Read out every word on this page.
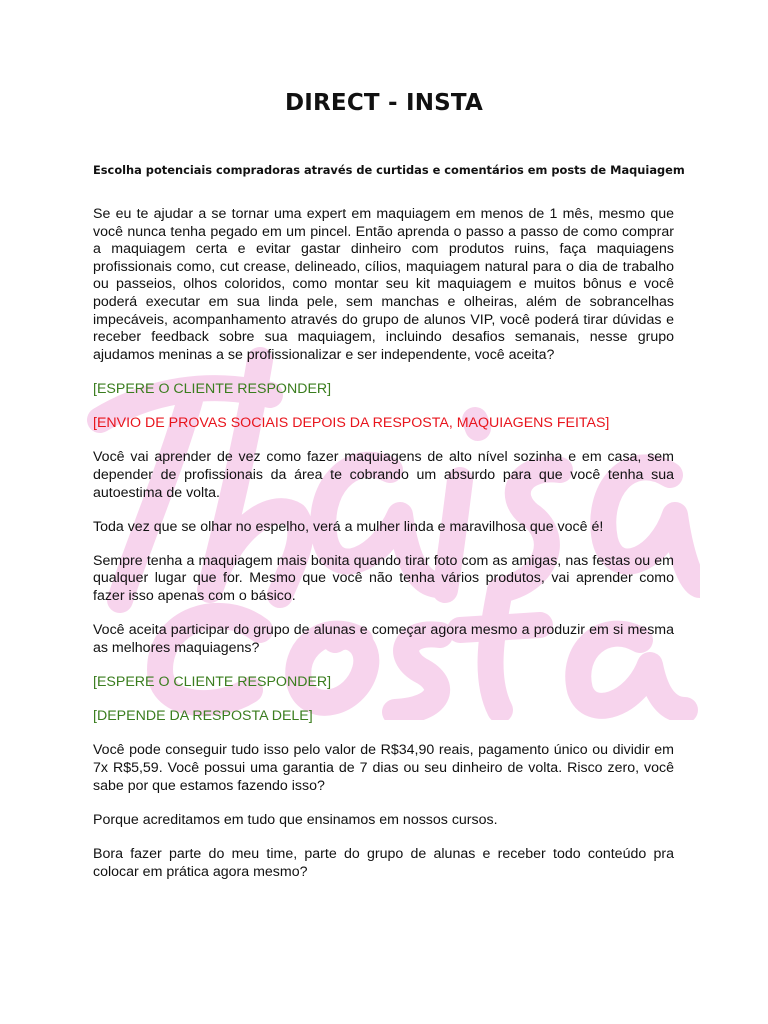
DIRECT - INSTA
Escolha potenciais compradoras através de curtidas e comentários em posts de Maquiagem

Se eu te ajudar a se tornar uma expert em maquiagem em menos de 1 mês, mesmo que você nunca tenha pegado em um pincel. Então aprenda o passo a passo de como comprar a maquiagem certa e evitar gastar dinheiro com produtos ruins, faça maquiagens profissionais como, cut crease, delineado, cílios, maquiagem natural para o dia de trabalho ou passeios, olhos coloridos, como montar seu kit maquiagem e muitos bônus e você poderá executar em sua linda pele, sem manchas e olheiras, além de sobrancelhas impecáveis, acompanhamento através do grupo de alunos VIP, você poderá tirar dúvidas e receber feedback sobre sua maquiagem, incluindo desafios semanais, nesse grupo ajudamos meninas a se profissionalizar e ser independente, você aceita?

[ESPERE O CLIENTE RESPONDER]

[ENVIO DE PROVAS SOCIAIS DEPOIS DA RESPOSTA, MAQUIAGENS FEITAS]

Você vai aprender de vez como fazer maquiagens de alto nível sozinha e em casa, sem depender de profissionais da área te cobrando um absurdo para que você tenha sua autoestima de volta.

Toda vez que se olhar no espelho, verá a mulher linda e maravilhosa que você é!

Sempre tenha a maquiagem mais bonita quando tirar foto com as amigas, nas festas ou em qualquer lugar que for. Mesmo que você não tenha vários produtos, vai aprender como fazer isso apenas com o básico.

Você aceita participar do grupo de alunas e começar agora mesmo a produzir em si mesma as melhores maquiagens?

[ESPERE O CLIENTE RESPONDER]

[DEPENDE DA RESPOSTA DELE]

Você pode conseguir tudo isso pelo valor de R$34,90 reais, pagamento único ou dividir em 7x R$5,59. Você possui uma garantia de 7 dias ou seu dinheiro de volta. Risco zero, você sabe por que estamos fazendo isso?

Porque acreditamos em tudo que ensinamos em nossos cursos.

Bora fazer parte do meu time, parte do grupo de alunas e receber todo conteúdo pra colocar em prática agora mesmo?
